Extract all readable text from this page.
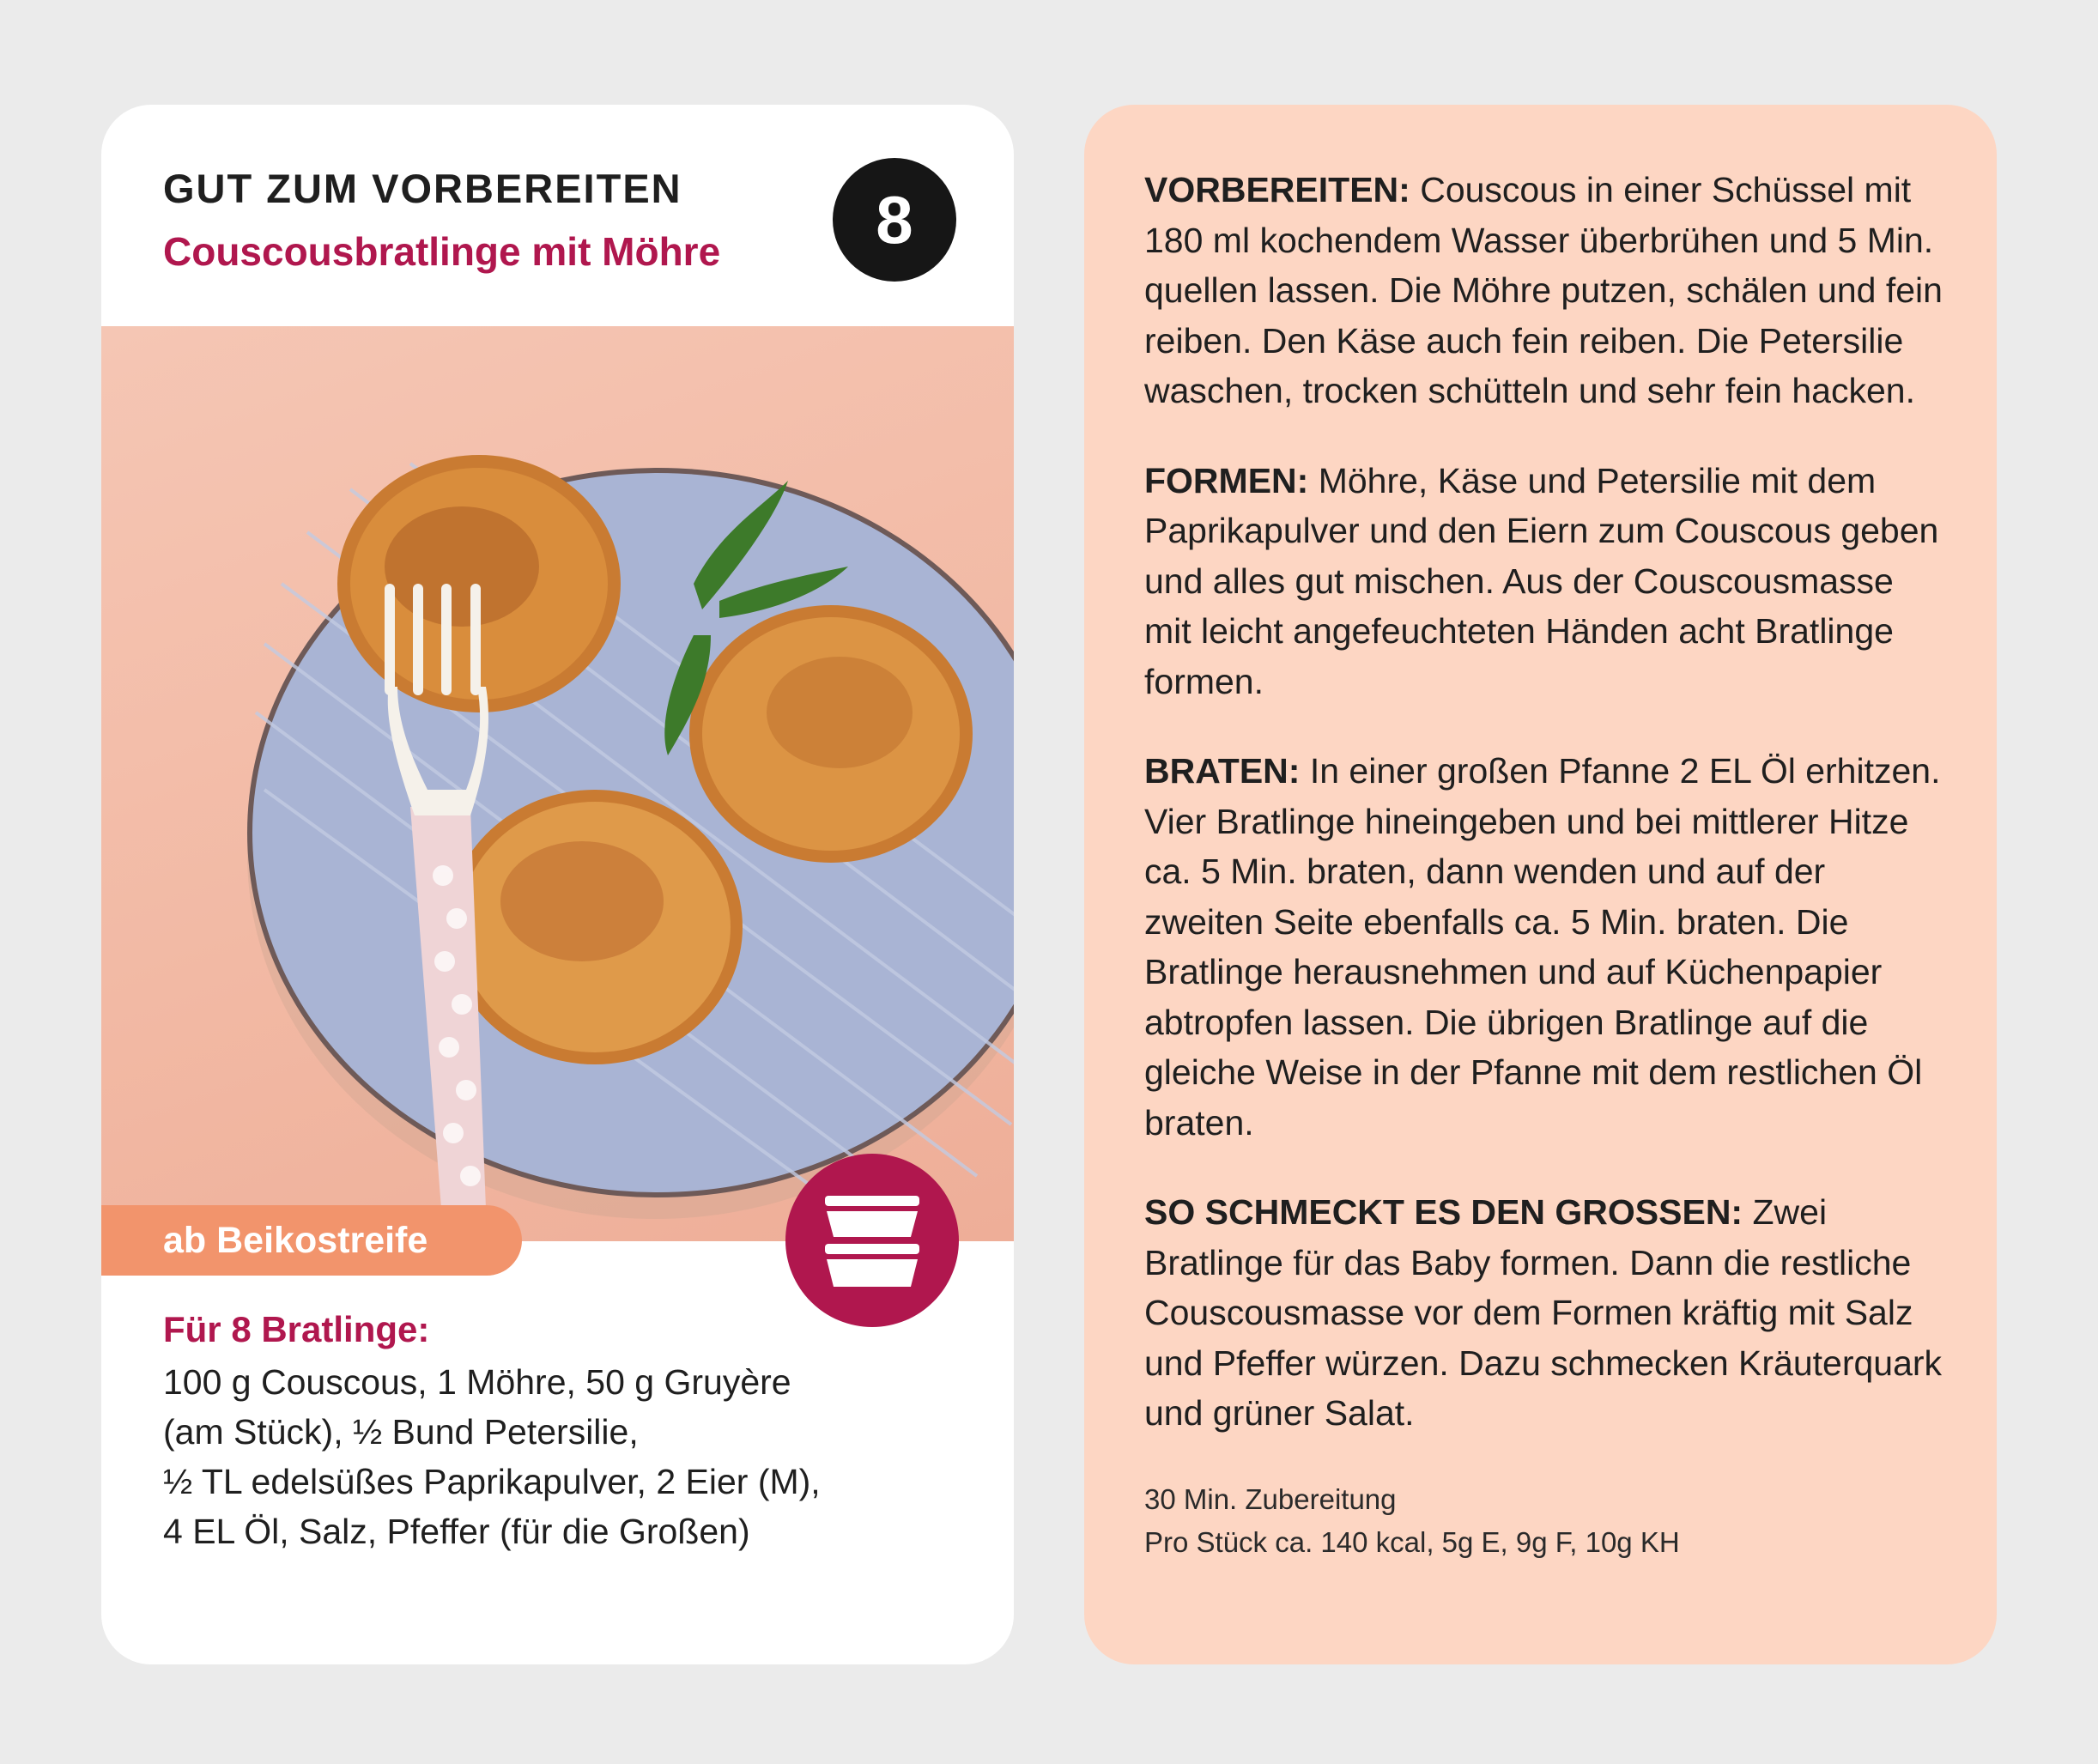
GUT ZUM VORBEREITEN
Couscousbratlinge mit Möhre	8
ab Beikostreife
Für 8 Bratlinge:
100 g Couscous, 1 Möhre, 50 g Gruyère
(am Stück), ½ Bund Petersilie,
½ TL edelsüßes Paprikapulver, 2 Eier (M),
4 EL Öl, Salz, Pfeffer (für die Großen)
VORBEREITEN: Couscous in einer Schüssel mit 180 ml kochendem Wasser überbrühen und 5 Min. quellen lassen. Die Möhre putzen, schälen und fein reiben. Den Käse auch fein reiben. Die Petersilie waschen, trocken schütteln und sehr fein hacken.
FORMEN: Möhre, Käse und Petersilie mit dem Paprikapulver und den Eiern zum Couscous geben und alles gut mischen. Aus der Couscousmasse mit leicht angefeuchteten Händen acht Bratlinge formen.
BRATEN: In einer großen Pfanne 2 EL Öl erhitzen. Vier Bratlinge hineingeben und bei mittlerer Hitze ca. 5 Min. braten, dann wenden und auf der zweiten Seite ebenfalls ca. 5 Min. braten. Die Bratlinge herausnehmen und auf Küchenpapier abtropfen lassen. Die übrigen Bratlinge auf die gleiche Weise in der Pfanne mit dem restlichen Öl braten.
SO SCHMECKT ES DEN GROSSEN: Zwei Bratlinge für das Baby formen. Dann die restliche Couscousmasse vor dem Formen kräftig mit Salz und Pfeffer würzen. Dazu schmecken Kräuterquark und grüner Salat.
30 Min. Zubereitung
Pro Stück ca. 140 kcal, 5g E, 9g F, 10g KH
